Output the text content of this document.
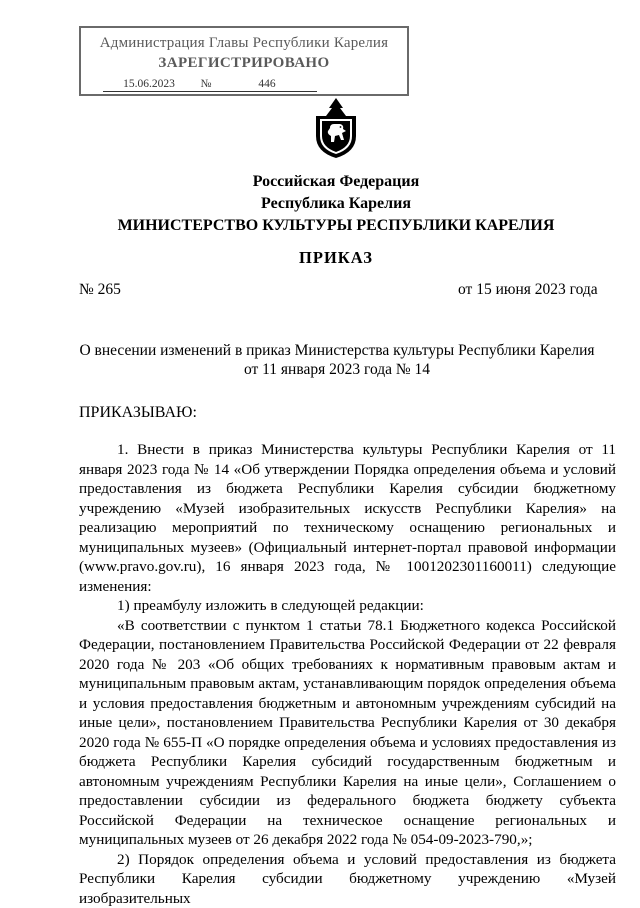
Администрация Главы Республики Карелия
ЗАРЕГИСТРИРОВАНО
15.06.2023 №	446
Российская Федерация
Республика Карелия
МИНИСТЕРСТВО КУЛЬТУРЫ РЕСПУБЛИКИ КАРЕЛИЯ
ПРИКАЗ
№ 265	от 15 июня 2023 года
О внесении изменений в приказ Министерства культуры Республики Карелия
от 11 января 2023 года № 14
ПРИКАЗЫВАЮ:

1. Внести в приказ Министерства культуры Республики Карелия от 11 января 2023 года № 14 «Об утверждении Порядка определения объема и условий предоставления из бюджета Республики Карелия субсидии бюджетному учреждению «Музей изобразительных искусств Республики Карелия» на реализацию мероприятий по техническому оснащению региональных и муниципальных музеев» (Официальный интернет-портал правовой информации (www.pravo.gov.ru), 16 января 2023 года, № 1001202301160011) следующие изменения:

1) преамбулу изложить в следующей редакции:

«В соответствии с пунктом 1 статьи 78.1 Бюджетного кодекса Российской Федерации, постановлением Правительства Российской Федерации от 22 февраля 2020 года № 203 «Об общих требованиях к нормативным правовым актам и муниципальным правовым актам, устанавливающим порядок определения объема и условия предоставления бюджетным и автономным учреждениям субсидий на иные цели», постановлением Правительства Республики Карелия от 30 декабря 2020 года № 655-П «О порядке определения объема и условиях предоставления из бюджета Республики Карелия субсидий государственным бюджетным и автономным учреждениям Республики Карелия на иные цели», Соглашением о предоставлении субсидии из федерального бюджета бюджету субъекта Российской Федерации на техническое оснащение региональных и муниципальных музеев от 26 декабря 2022 года № 054-09-2023-790,»;

2) Порядок определения объема и условий предоставления из бюджета Республики Карелия субсидии бюджетному учреждению «Музей изобразительных
